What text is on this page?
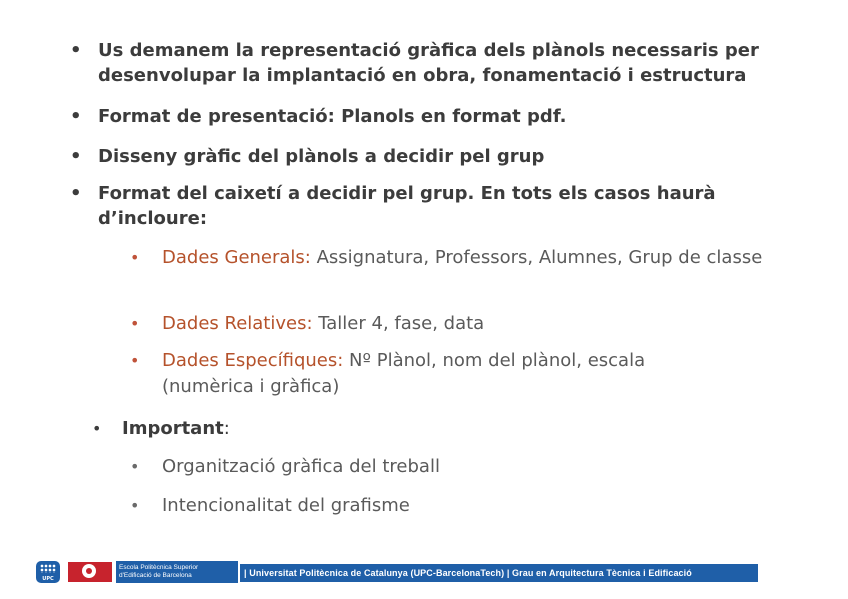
• Us demanem la representació gràfica dels plànols necessaris per desenvolupar la implantació en obra, fonamentació i estructura
• Format de presentació: Planols en format pdf.
• Disseny gràfic del plànols a decidir pel grup
• Format del caixetí a decidir pel grup. En tots els casos haurà d’incloure:
• Dades Generals: Assignatura, Professors, Alumnes, Grup de classe
• Dades Relatives: Taller 4, fase, data
• Dades Específiques: Nº Plànol, nom del plànol, escala (numèrica i gràfica)
• Important:
• Organització gràfica del treball
• Intencionalitat del grafisme
UPC
Escola Politècnica Superior
d'Edificació de Barcelona	| Universitat Politècnica de Catalunya (UPC-BarcelonaTech) | Grau en Arquitectura Tècnica i Edificació
